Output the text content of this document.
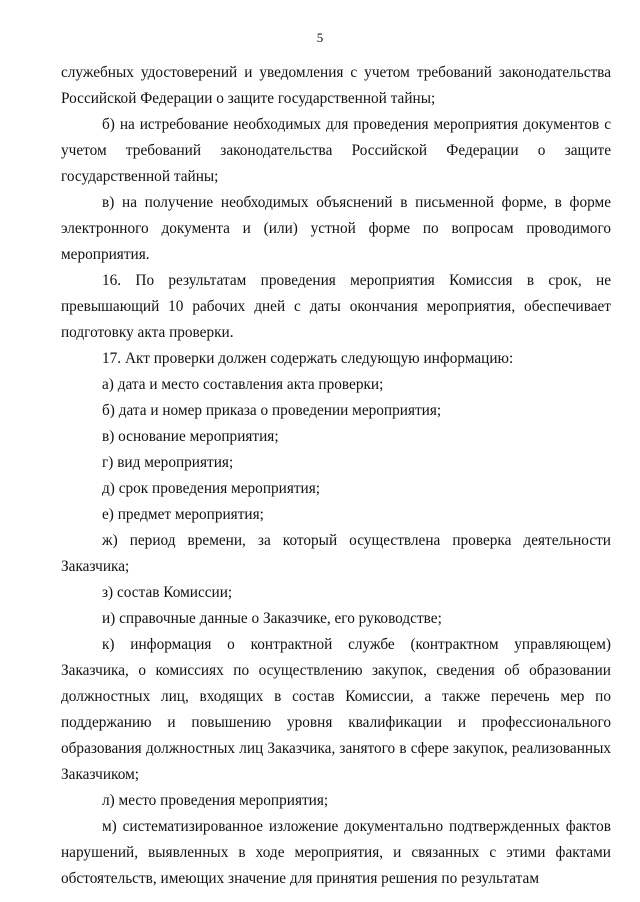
5

служебных удостоверений и уведомления с учетом требований законодательства Российской Федерации о защите государственной тайны;

б) на истребование необходимых для проведения мероприятия документов с учетом требований законодательства Российской Федерации о защите государственной тайны;

в) на получение необходимых объяснений в письменной форме, в форме электронного документа и (или) устной форме по вопросам проводимого мероприятия.

16. По результатам проведения мероприятия Комиссия в срок, не превышающий 10 рабочих дней с даты окончания мероприятия, обеспечивает подготовку акта проверки.

17. Акт проверки должен содержать следующую информацию:

а) дата и место составления акта проверки;

б) дата и номер приказа о проведении мероприятия;

в) основание мероприятия;

г) вид мероприятия;

д) срок проведения мероприятия;

е) предмет мероприятия;

ж) период времени, за который осуществлена проверка деятельности Заказчика;

з) состав Комиссии;

и) справочные данные о Заказчике, его руководстве;

к) информация о контрактной службе (контрактном управляющем) Заказчика, о комиссиях по осуществлению закупок, сведения об образовании должностных лиц, входящих в состав Комиссии, а также перечень мер по поддержанию и повышению уровня квалификации и профессионального образования должностных лиц Заказчика, занятого в сфере закупок, реализованных Заказчиком;

л) место проведения мероприятия;

м) систематизированное изложение документально подтвержденных фактов нарушений, выявленных в ходе мероприятия, и связанных с этими фактами обстоятельств, имеющих значение для принятия решения по результатам
